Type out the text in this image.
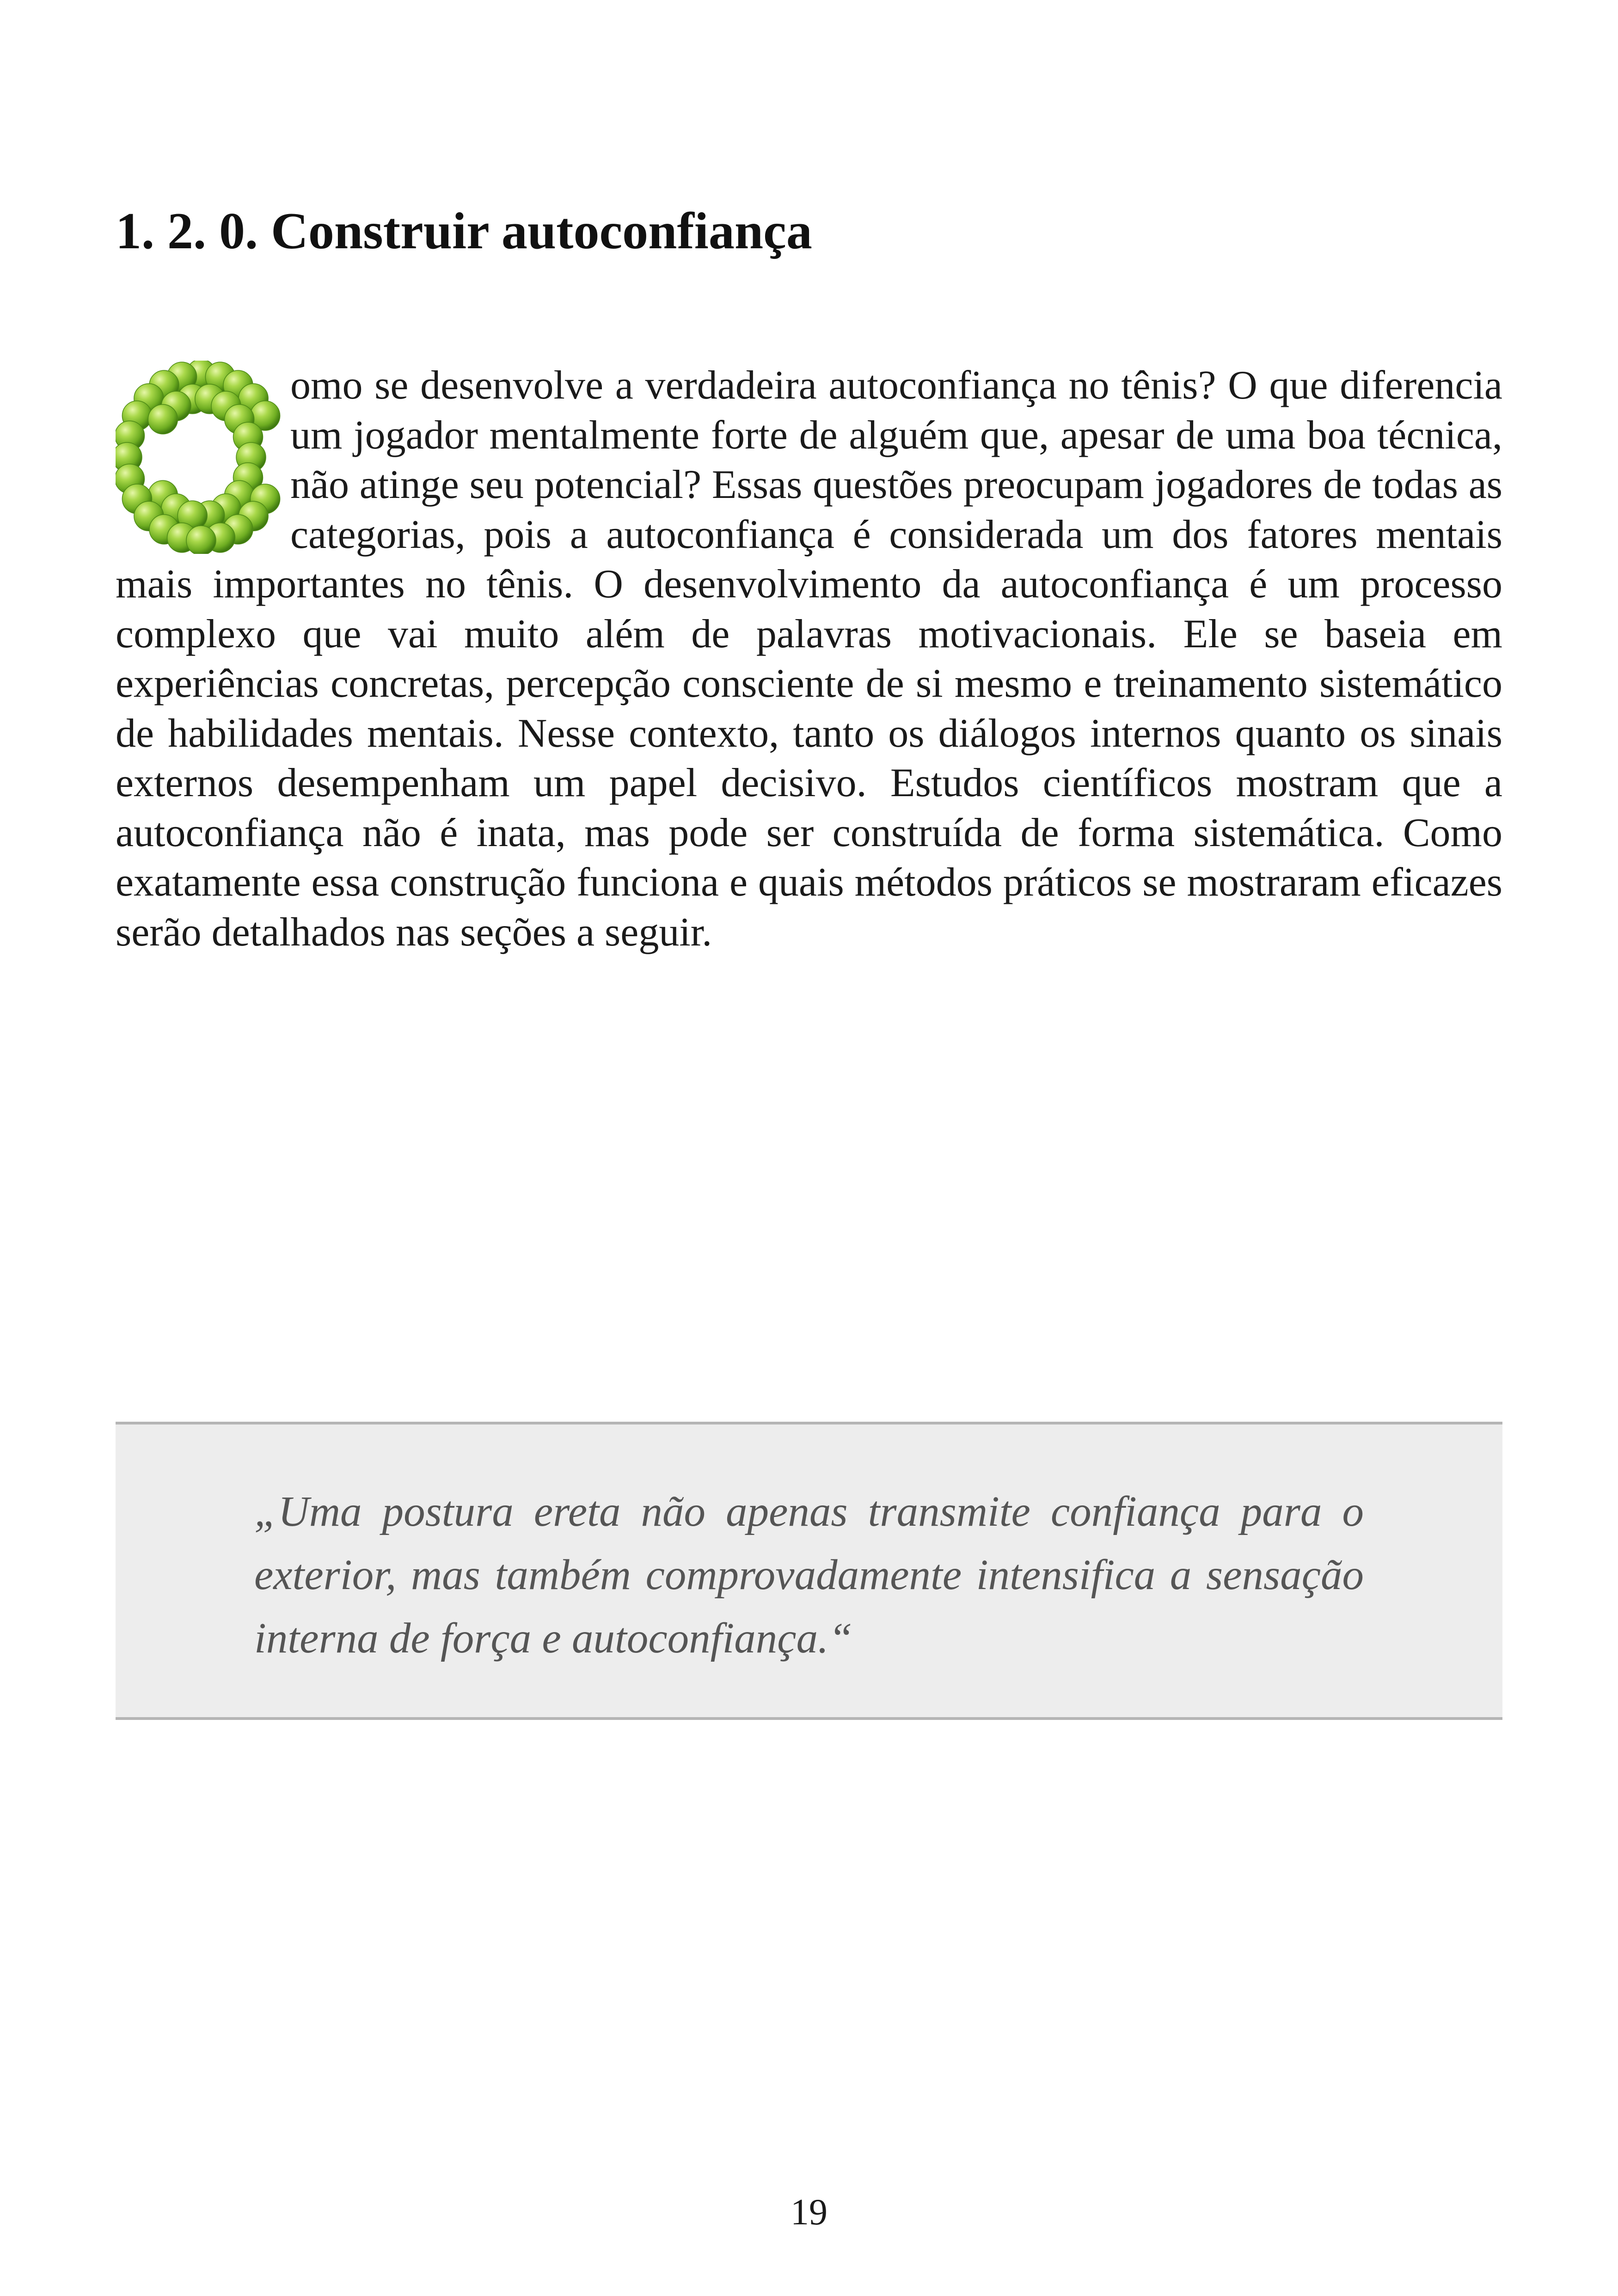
1. 2. 0. Construir autoconfiança

omo se desenvolve a verdadeira autoconfiança no tênis? O que diferencia um jogador mentalmente forte de alguém que, apesar de uma boa técnica, não atinge seu potencial? Essas questões preocupam jogadores de todas as categorias, pois a autoconfiança é considerada um dos fatores mentais mais importantes no tênis. O desenvolvimento da autoconfiança é um processo complexo que vai muito além de palavras motivacionais. Ele se baseia em experiências concretas, percepção consciente de si mesmo e treinamento sistemático de habilidades mentais. Nesse contexto, tanto os diálogos internos quanto os sinais externos desempenham um papel decisivo. Estudos científicos mostram que a autoconfiança não é inata, mas pode ser construída de forma sistemática. Como exatamente essa construção funciona e quais métodos práticos se mostraram eficazes serão detalhados nas seções a seguir.

„Uma postura ereta não apenas transmite confiança para o exterior, mas também comprovadamente intensifica a sensação interna de força e autoconfiança.“

19
